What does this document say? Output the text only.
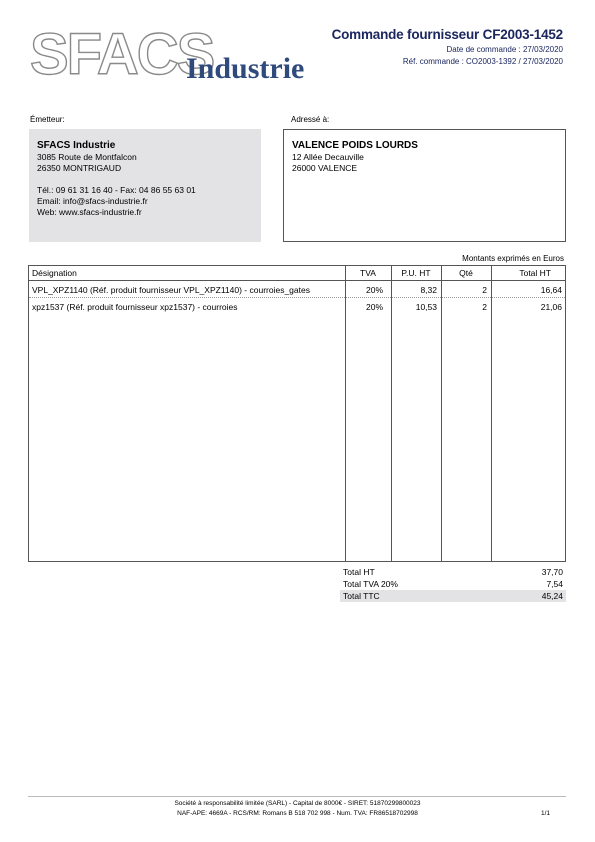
SFACS
Industrie
Commande fournisseur CF2003-1452
Date de commande : 27/03/2020
Réf. commande : CO2003-1392 / 27/03/2020
Émetteur:
SFACS Industrie
3085 Route de Montfalcon
26350 MONTRIGAUD
Tél.: 09 61 31 16 40 - Fax: 04 86 55 63 01
Email: info@sfacs-industrie.fr
Web: www.sfacs-industrie.fr
Adressé à:
VALENCE POIDS LOURDS
12 Allée Decauville
26000 VALENCE
Montants exprimés en Euros
Désignation	TVA	P.U. HT	Qté	Total HT
VPL_XPZ1140 (Réf. produit fournisseur VPL_XPZ1140) - courroies_gates	20%	8,32	2	16,64
xpz1537 (Réf. produit fournisseur xpz1537) - courroies	20%	10,53	2	21,06
Total HT	37,70
Total TVA 20%	7,54
Total TTC	45,24
Société à responsabilité limitée (SARL) - Capital de 8000€ - SIRET: 51870299800023
NAF-APE: 4669A - RCS/RM: Romans B 518 702 998 - Num. TVA: FR86518702998	1/1
